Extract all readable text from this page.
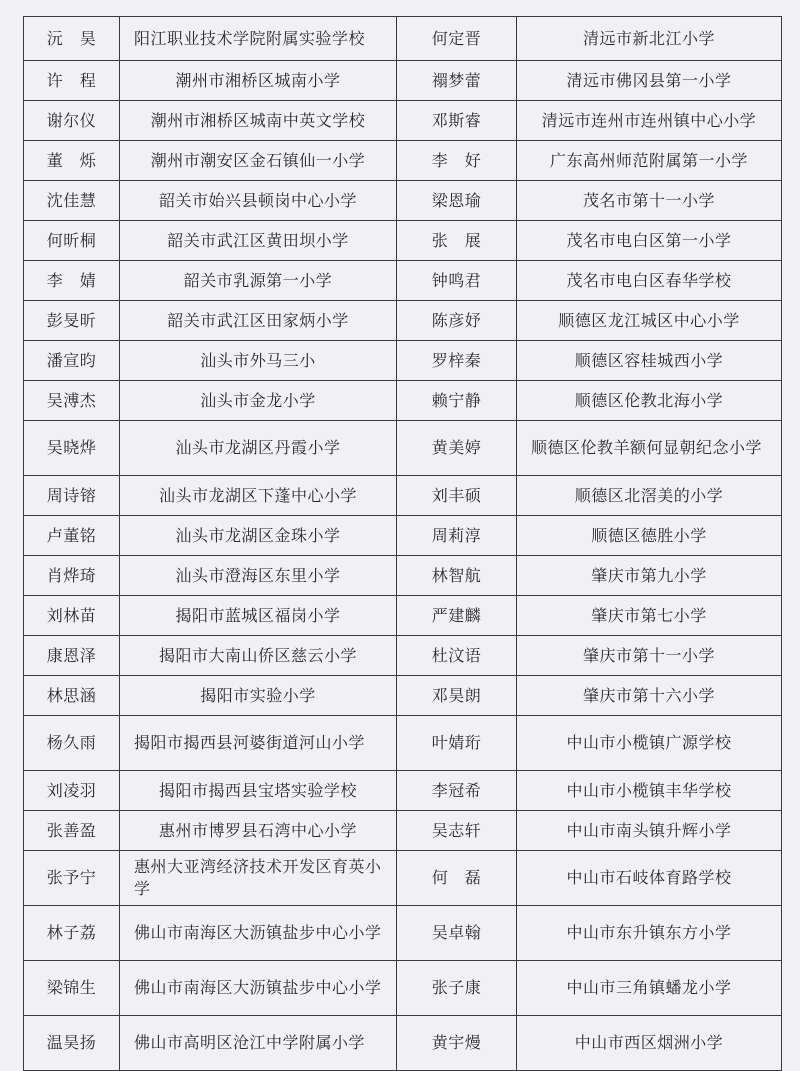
沅　昊	阳江职业技术学院附属实验学校	何定晋	清远市新北江小学
许　程	潮州市湘桥区城南小学	禤梦蕾	清远市佛冈县第一小学
谢尔仪	潮州市湘桥区城南中英文学校	邓斯睿	清远市连州市连州镇中心小学
董　烁	潮州市潮安区金石镇仙一小学	李　好	广东高州师范附属第一小学
沈佳慧	韶关市始兴县顿岗中心小学	梁恩瑜	茂名市第十一小学
何昕桐	韶关市武江区黄田坝小学	张　展	茂名市电白区第一小学
李　婧	韶关市乳源第一小学	钟鸣君	茂名市电白区春华学校
彭旻昕	韶关市武江区田家炳小学	陈彦妤	顺德区龙江城区中心小学
潘宣昀	汕头市外马三小	罗梓秦	顺德区容桂城西小学
吴溥杰	汕头市金龙小学	赖宁静	顺德区伦教北海小学
吴晓烨	汕头市龙湖区丹霞小学	黄美婷	顺德区伦教羊额何显朝纪念小学
周诗镕	汕头市龙湖区下蓬中心小学	刘丰硕	顺德区北滘美的小学
卢董铭	汕头市龙湖区金珠小学	周莉淳	顺德区德胜小学
肖烨琦	汕头市澄海区东里小学	林智航	肇庆市第九小学
刘林苗	揭阳市蓝城区福岗小学	严建麟	肇庆市第七小学
康恩泽	揭阳市大南山侨区慈云小学	杜汶语	肇庆市第十一小学
林思涵	揭阳市实验小学	邓昊朗	肇庆市第十六小学
杨久雨	揭阳市揭西县河婆街道河山小学	叶婧珩	中山市小榄镇广源学校
刘凌羽	揭阳市揭西县宝塔实验学校	李冠希	中山市小榄镇丰华学校
张善盈	惠州市博罗县石湾中心小学	吴志轩	中山市南头镇升辉小学
张予宁	惠州大亚湾经济技术开发区育英小学	何　磊	中山市石岐体育路学校
林子荔	佛山市南海区大沥镇盐步中心小学	吴卓翰	中山市东升镇东方小学
梁锦生	佛山市南海区大沥镇盐步中心小学	张子康	中山市三角镇蟠龙小学
温昊扬	佛山市高明区沧江中学附属小学	黄宇熳	中山市西区烟洲小学
